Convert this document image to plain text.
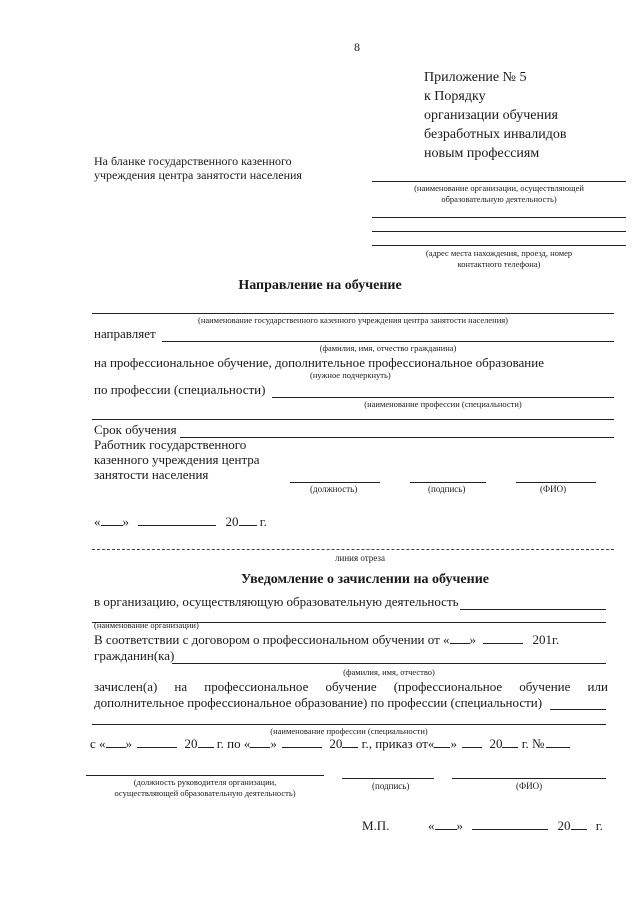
8
Приложение № 5
к Порядку
организации обучения
безработных инвалидов
новым профессиям
На бланке государственного казенного
учреждения центра занятости населения
(наименование организации, осуществляющей
образовательную деятельность)
(адрес места нахождения, проезд, номер
контактного телефона)
Направление на обучение
(наименование государственного казенного учреждения центра занятости населения)
направляет
(фамилия, имя, отчество гражданина)
на профессиональное обучение, дополнительное профессиональное образование
(нужное подчеркнуть)
по профессии (специальности)
(наименование профессии (специальности)
Срок обучения
Работник государственного
казенного учреждения центра
занятости населения
(должность)	(подпись)	(ФИО)
« »	20 г.
линия отреза
Уведомление о зачислении на обучение
в организацию, осуществляющую образовательную деятельность
(наименование организации)
В соответствии с договором о профессиональном обучении от « »	201г.
гражданин(ка)
(фамилия, имя, отчество)
зачислен(а) на профессиональное обучение (профессиональное обучение или
дополнительное профессиональное образование) по профессии (специальности)
(наименование профессии (специальности)
с « »	20 г. по « »	20 г., приказ от« »	20 г. №
(должность руководителя организации,
осуществляющей образовательную деятельность)
(подпись)	(ФИО)
М.П.	« »	20 г.
